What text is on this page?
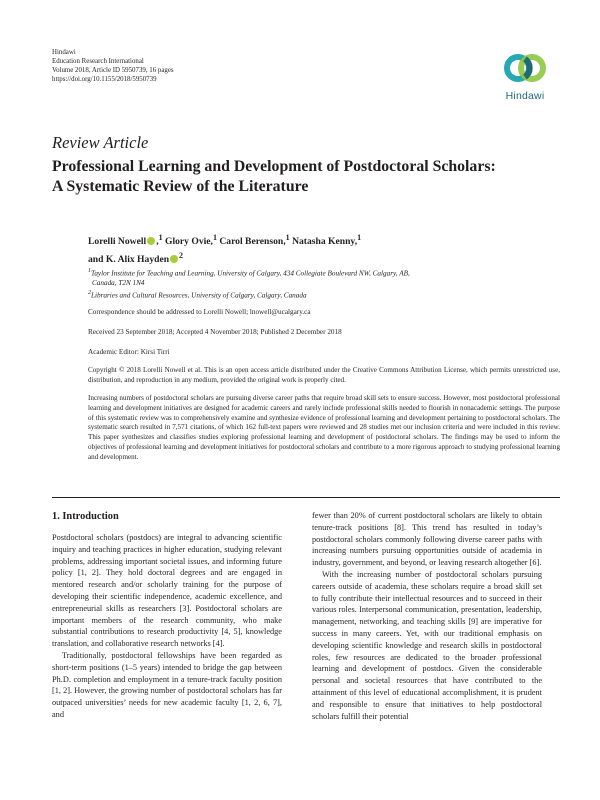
Hindawi
Education Research International
Volume 2018, Article ID 5950739, 16 pages
https://doi.org/10.1155/2018/5950739
Hindawi
Review Article
Professional Learning and Development of Postdoctoral Scholars:
A Systematic Review of the Literature
Lorelli Nowell ,$^1$ Glory Ovie,$^1$ Carol Berenson,$^1$ Natasha Kenny,$^1$
and K. Alix Hayden $^2$
$^1$Taylor Institute for Teaching and Learning, University of Calgary, 434 Collegiate Boulevard NW, Calgary, AB,
Canada, T2N 1N4
$^2$Libraries and Cultural Resources, University of Calgary, Calgary, Canada
Correspondence should be addressed to Lorelli Nowell; lnowell@ucalgary.ca
Received 23 September 2018; Accepted 4 November 2018; Published 2 December 2018
Academic Editor: Kirsi Tirri
Copyright © 2018 Lorelli Nowell et al. This is an open access article distributed under the Creative Commons Attribution License, which permits unrestricted use, distribution, and reproduction in any medium, provided the original work is properly cited.
Increasing numbers of postdoctoral scholars are pursuing diverse career paths that require broad skill sets to ensure success. However, most postdoctoral professional learning and development initiatives are designed for academic careers and rarely include professional skills needed to flourish in nonacademic settings. The purpose of this systematic review was to comprehensively examine and synthesize evidence of professional learning and development pertaining to postdoctoral scholars. The systematic search resulted in 7,571 citations, of which 162 full-text papers were reviewed and 28 studies met our inclusion criteria and were included in this review. This paper synthesizes and classifies studies exploring professional learning and development of postdoctoral scholars. The findings may be used to inform the objectives of professional learning and development initiatives for postdoctoral scholars and contribute to a more rigorous approach to studying professional learning and development.
1. Introduction

Postdoctoral scholars (postdocs) are integral to advancing scientific inquiry and teaching practices in higher education, studying relevant problems, addressing important societal issues, and informing future policy [1, 2]. They hold doctoral degrees and are engaged in mentored research and/or scholarly training for the purpose of developing their scientific independence, academic excellence, and entrepreneurial skills as researchers [3]. Postdoctoral scholars are important members of the research community, who make substantial contributions to research productivity [4, 5], knowledge translation, and collaborative research networks [4].

Traditionally, postdoctoral fellowships have been regarded as short-term positions (1–5 years) intended to bridge the gap between Ph.D. completion and employment in a tenure-track faculty position [1, 2]. However, the growing number of postdoctoral scholars has far outpaced universities’ needs for new academic faculty [1, 2, 6, 7], and

fewer than 20% of current postdoctoral scholars are likely to obtain tenure-track positions [8]. This trend has resulted in today’s postdoctoral scholars commonly following diverse career paths with increasing numbers pursuing opportunities outside of academia in industry, government, and beyond, or leaving research altogether [6].

With the increasing number of postdoctoral scholars pursuing careers outside of academia, these scholars require a broad skill set to fully contribute their intellectual resources and to succeed in their various roles. Interpersonal communication, presentation, leadership, management, networking, and teaching skills [9] are imperative for success in many careers. Yet, with our traditional emphasis on developing scientific knowledge and research skills in postdoctoral roles, few resources are dedicated to the broader professional learning and development of postdocs. Given the considerable personal and societal resources that have contributed to the attainment of this level of educational accomplishment, it is prudent and responsible to ensure that initiatives to help postdoctoral scholars fulfill their potential
